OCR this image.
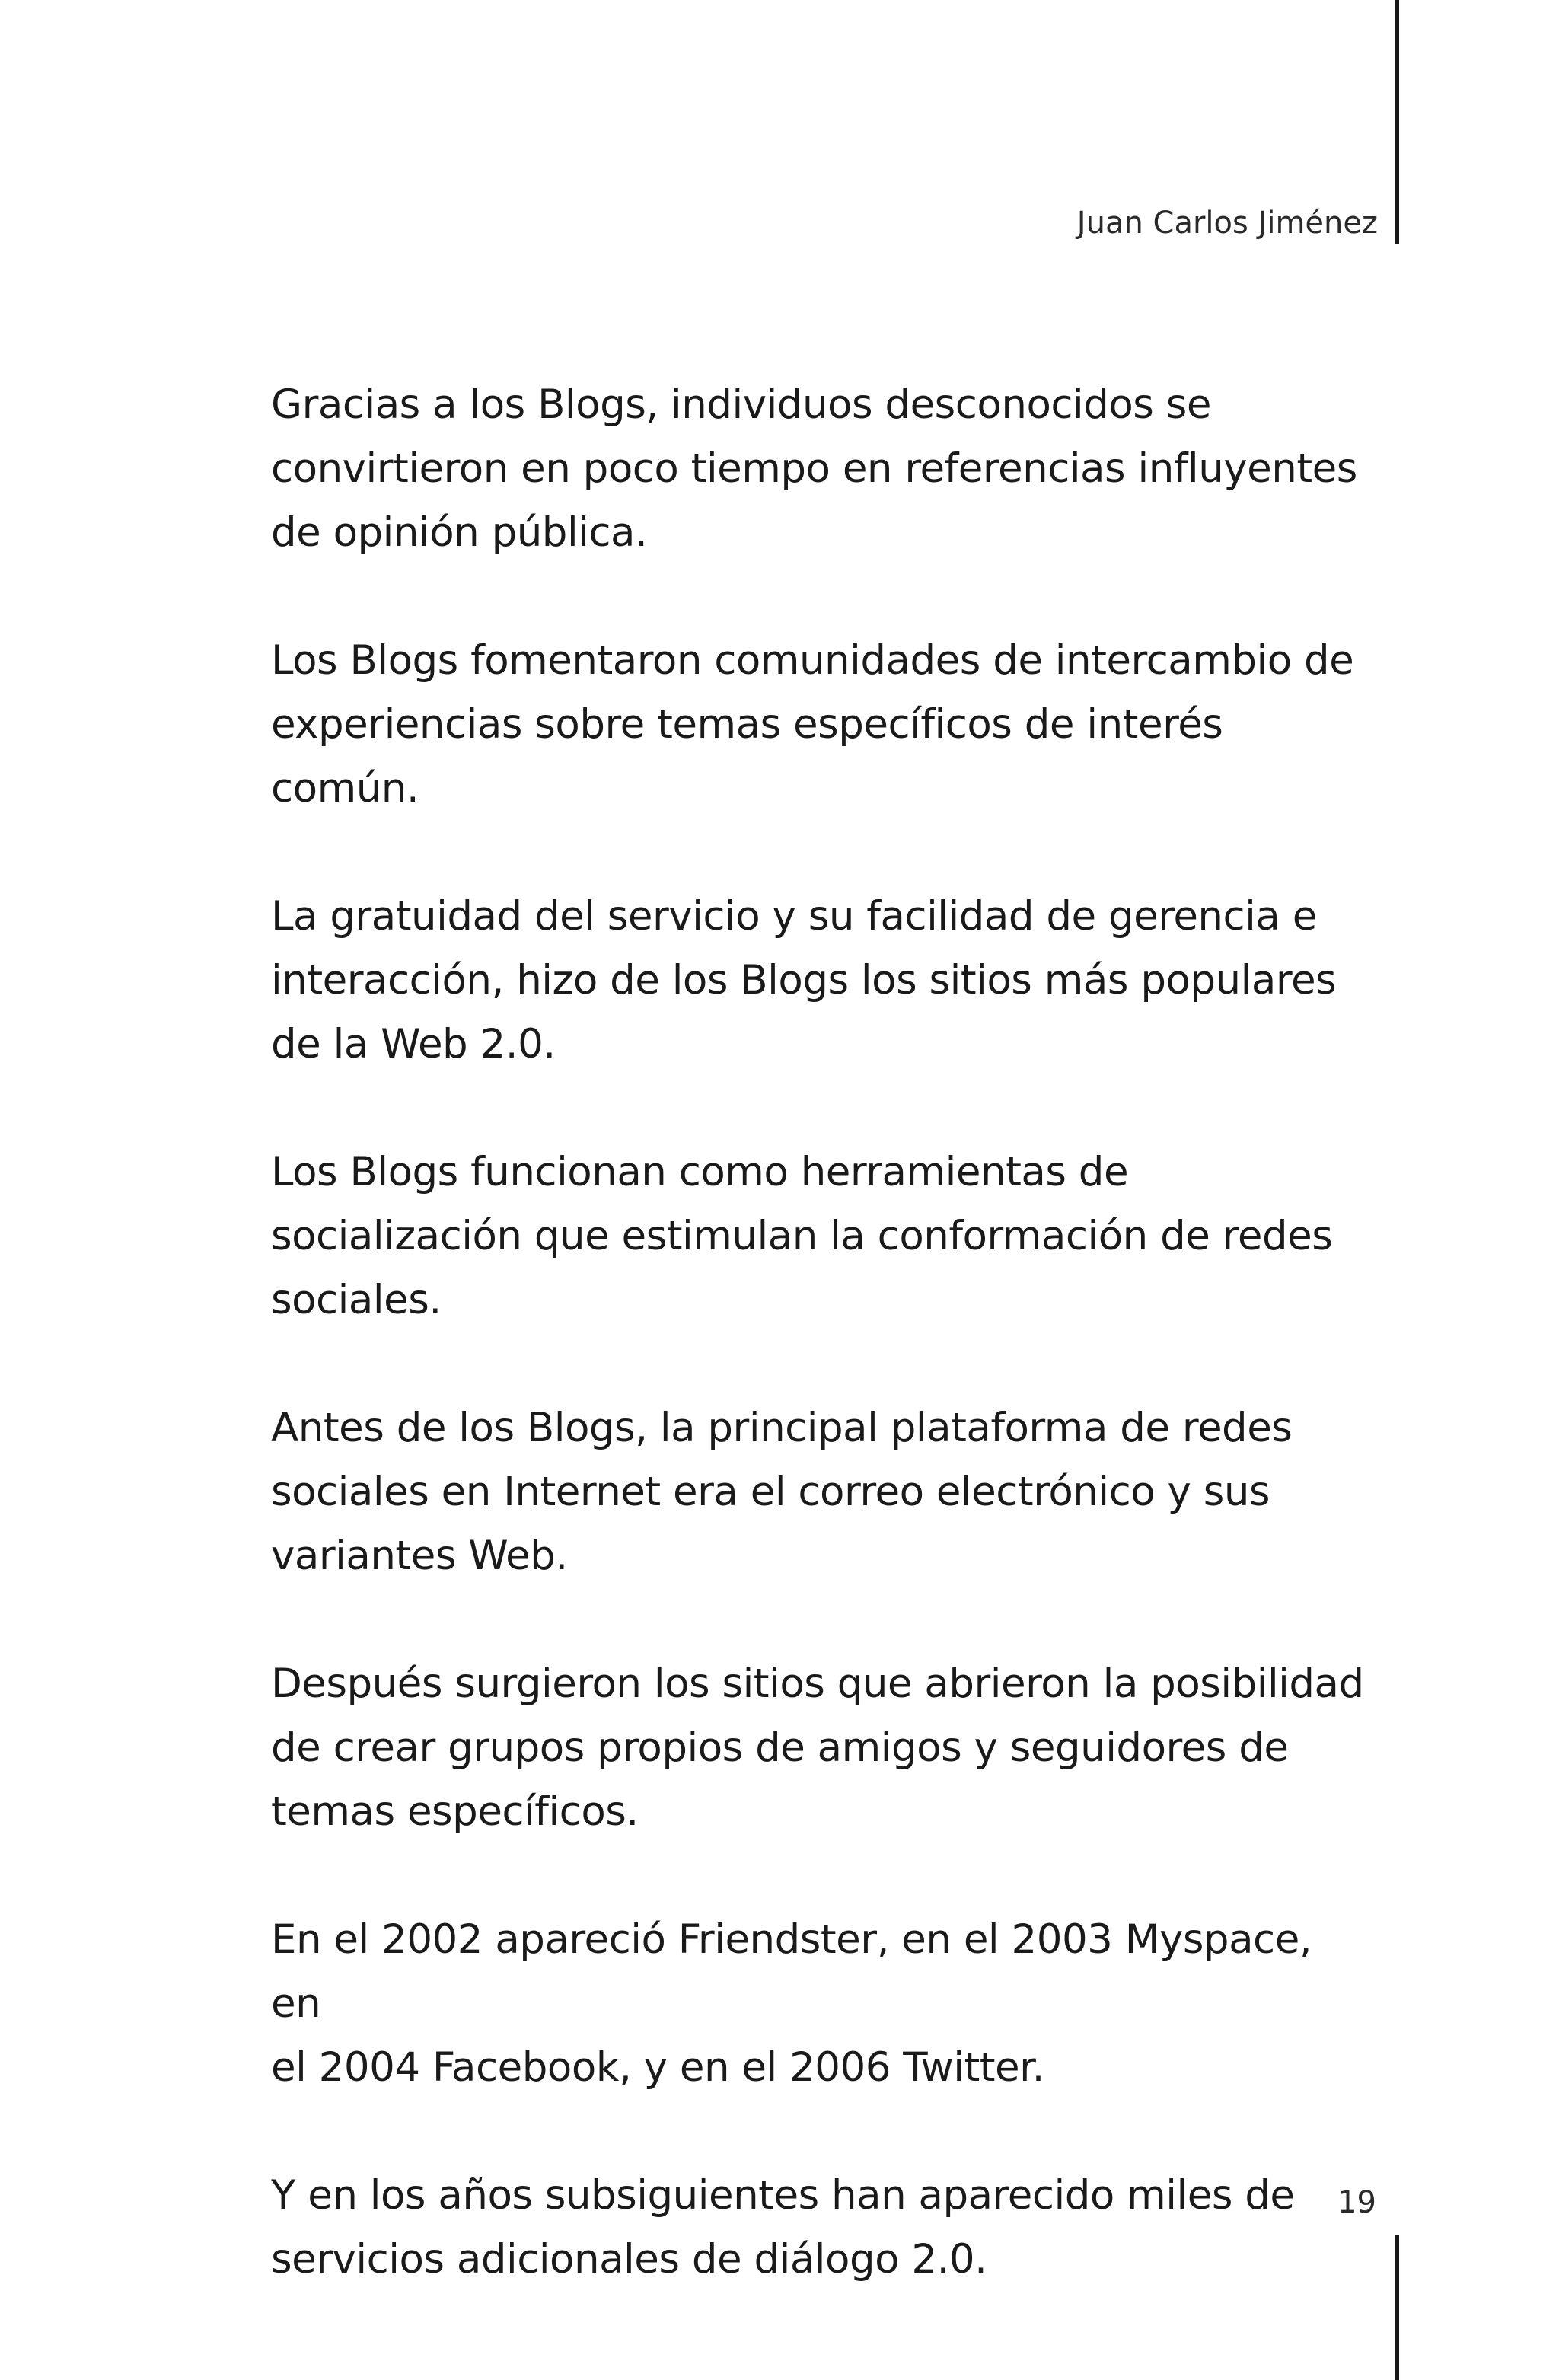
Juan Carlos Jiménez

Gracias a los Blogs, individuos desconocidos se
convirtieron en poco tiempo en referencias influyentes
de opinión pública.

Los Blogs fomentaron comunidades de intercambio de
experiencias sobre temas específicos de interés común.

La gratuidad del servicio y su facilidad de gerencia e
interacción, hizo de los Blogs los sitios más populares
de la Web 2.0.

Los Blogs funcionan como herramientas de
socialización que estimulan la conformación de redes
sociales.

Antes de los Blogs, la principal plataforma de redes
sociales en Internet era el correo electrónico y sus
variantes Web.

Después surgieron los sitios que abrieron la posibilidad
de crear grupos propios de amigos y seguidores de
temas específicos.

En el 2002 apareció Friendster, en el 2003 Myspace, en
el 2004 Facebook, y en el 2006 Twitter.

Y en los años subsiguientes han aparecido miles de
servicios adicionales de diálogo 2.0.

19
